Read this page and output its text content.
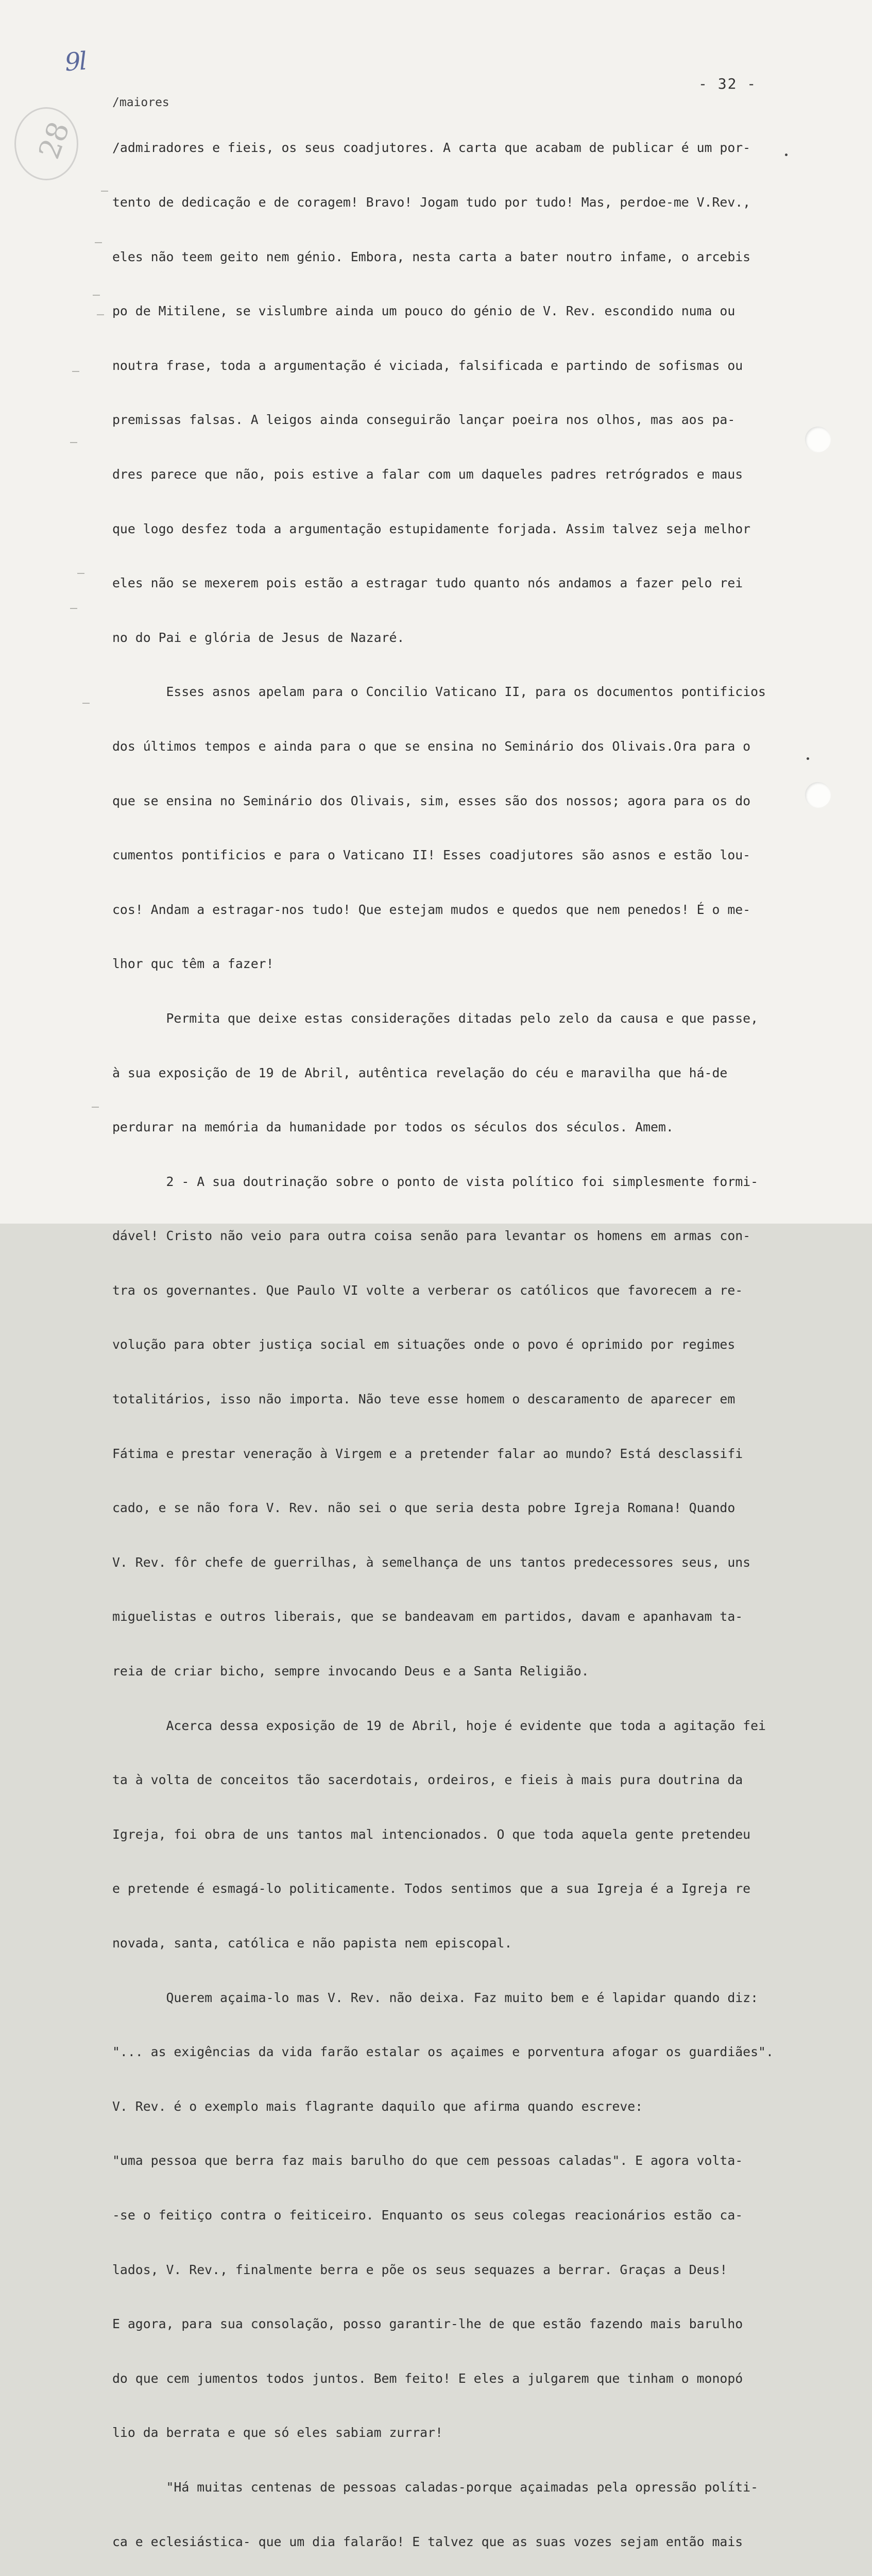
9l
28
- 32 -
/maiores

/admiradores e fieis, os seus coadjutores. A carta que acabam de publicar é um por-

tento de dedicação e de coragem! Bravo! Jogam tudo por tudo! Mas, perdoe-me V.Rev.,

eles não teem geito nem génio. Embora, nesta carta a bater noutro infame, o arcebis

po de Mitilene, se vislumbre ainda um pouco do génio de V. Rev. escondido numa ou

noutra frase, toda a argumentação é viciada, falsificada e partindo de sofismas ou

premissas falsas. A leigos ainda conseguirão lançar poeira nos olhos, mas aos pa-

dres parece que não, pois estive a falar com um daqueles padres retrógrados e maus

que logo desfez toda a argumentação estupidamente forjada. Assim talvez seja melhor

eles não se mexerem pois estão a estragar tudo quanto nós andamos a fazer pelo rei

no do Pai e glória de Jesus de Nazaré.

Esses asnos apelam para o Concilio Vaticano II, para os documentos pontificios

dos últimos tempos e ainda para o que se ensina no Seminário dos Olivais.Ora para o

que se ensina no Seminário dos Olivais, sim, esses são dos nossos; agora para os do

cumentos pontificios e para o Vaticano II! Esses coadjutores são asnos e estão lou-

cos! Andam a estragar-nos tudo! Que estejam mudos e quedos que nem penedos! É o me-

lhor quc têm a fazer!

Permita que deixe estas considerações ditadas pelo zelo da causa e que passe,

à sua exposição de 19 de Abril, autêntica revelação do céu e maravilha que há-de

perdurar na memória da humanidade por todos os séculos dos séculos. Amem.

2 - A sua doutrinação sobre o ponto de vista político foi simplesmente formi-

dável! Cristo não veio para outra coisa senão para levantar os homens em armas con-

tra os governantes. Que Paulo VI volte a verberar os católicos que favorecem a re-

volução para obter justiça social em situações onde o povo é oprimido por regimes

totalitários, isso não importa. Não teve esse homem o descaramento de aparecer em

Fátima e prestar veneração à Virgem e a pretender falar ao mundo? Está desclassifi

cado, e se não fora V. Rev. não sei o que seria desta pobre Igreja Romana! Quando

V. Rev. fôr chefe de guerrilhas, à semelhança de uns tantos predecessores seus, uns

miguelistas e outros liberais, que se bandeavam em partidos, davam e apanhavam ta-

reia de criar bicho, sempre invocando Deus e a Santa Religião.

Acerca dessa exposição de 19 de Abril, hoje é evidente que toda a agitação fei

ta à volta de conceitos tão sacerdotais, ordeiros, e fieis à mais pura doutrina da

Igreja, foi obra de uns tantos mal intencionados. O que toda aquela gente pretendeu

e pretende é esmagá-lo politicamente. Todos sentimos que a sua Igreja é a Igreja re

novada, santa, católica e não papista nem episcopal.

Querem açaima-lo mas V. Rev. não deixa. Faz muito bem e é lapidar quando diz:

"... as exigências da vida farão estalar os açaimes e porventura afogar os guardiães".

V. Rev. é o exemplo mais flagrante daquilo que afirma quando escreve:

"uma pessoa que berra faz mais barulho do que cem pessoas caladas". E agora volta-

-se o feitiço contra o feiticeiro. Enquanto os seus colegas reacionários estão ca-

lados, V. Rev., finalmente berra e põe os seus sequazes a berrar. Graças a Deus!

E agora, para sua consolação, posso garantir-lhe de que estão fazendo mais barulho

do que cem jumentos todos juntos. Bem feito! E eles a julgarem que tinham o monopó

lio da berrata e que só eles sabiam zurrar!

"Há muitas centenas de pessoas caladas-porque açaimadas pela opressão políti-

ca e eclesiástica- que um dia falarão! E talvez que as suas vozes sejam então mais
